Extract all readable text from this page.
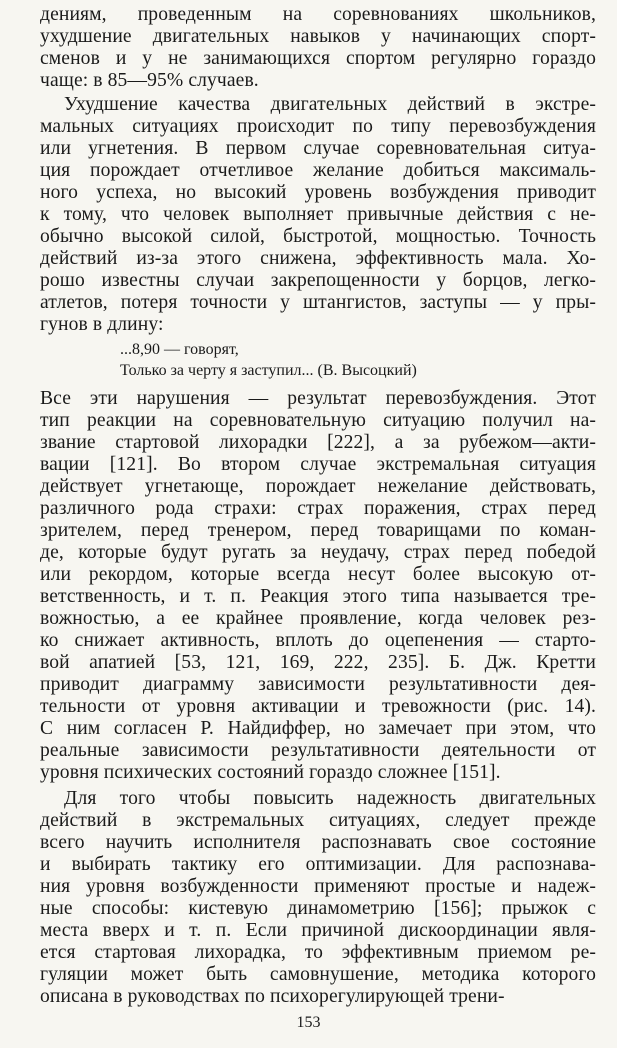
153
дениям, проведенным на соревнованиях школьников,
ухудшение двигательных навыков у начинающих спорт-
сменов и у не занимающихся спортом регулярно гораздо
чаще: в 85—95% случаев.
Ухудшение качества двигательных действий в экстре-
мальных ситуациях происходит по типу перевозбуждения
или угнетения. В первом случае соревновательная ситуа-
ция порождает отчетливое желание добиться максималь-
ного успеха, но высокий уровень возбуждения приводит
к тому, что человек выполняет привычные действия с не-
обычно высокой силой, быстротой, мощностью. Точность
действий из-за этого снижена, эффективность мала. Хо-
рошо известны случаи закрепощенности у борцов, легко-
атлетов, потеря точности у штангистов, заступы — у пры-
гунов в длину:
...8,90 — говорят,
Только за черту я заступил... (В. Высоцкий)
Все эти нарушения — результат перевозбуждения. Этот
тип реакции на соревновательную ситуацию получил на-
звание стартовой лихорадки [222], а за рубежом—акти-
вации [121]. Во втором случае экстремальная ситуация
действует угнетающе, порождает нежелание действовать,
различного рода страхи: страх поражения, страх перед
зрителем, перед тренером, перед товарищами по коман-
де, которые будут ругать за неудачу, страх перед победой
или рекордом, которые всегда несут более высокую от-
ветственность, и т. п. Реакция этого типа называется тре-
вожностью, а ее крайнее проявление, когда человек рез-
ко снижает активность, вплоть до оцепенения — старто-
вой апатией [53, 121, 169, 222, 235]. Б. Дж. Кретти
приводит диаграмму зависимости результативности дея-
тельности от уровня активации и тревожности (рис. 14).
С ним согласен Р. Найдиффер, но замечает при этом, что
реальные зависимости результативности деятельности от
уровня психических состояний гораздо сложнее [151].
Для того чтобы повысить надежность двигательных
действий в экстремальных ситуациях, следует прежде
всего научить исполнителя распознавать свое состояние
и выбирать тактику его оптимизации. Для распознава-
ния уровня возбужденности применяют простые и надеж-
ные способы: кистевую динамометрию [156]; прыжок с
места вверх и т. п. Если причиной дискоординации явля-
ется стартовая лихорадка, то эффективным приемом ре-
гуляции может быть самовнушение, методика которого
описана в руководствах по психорегулирующей трени-
